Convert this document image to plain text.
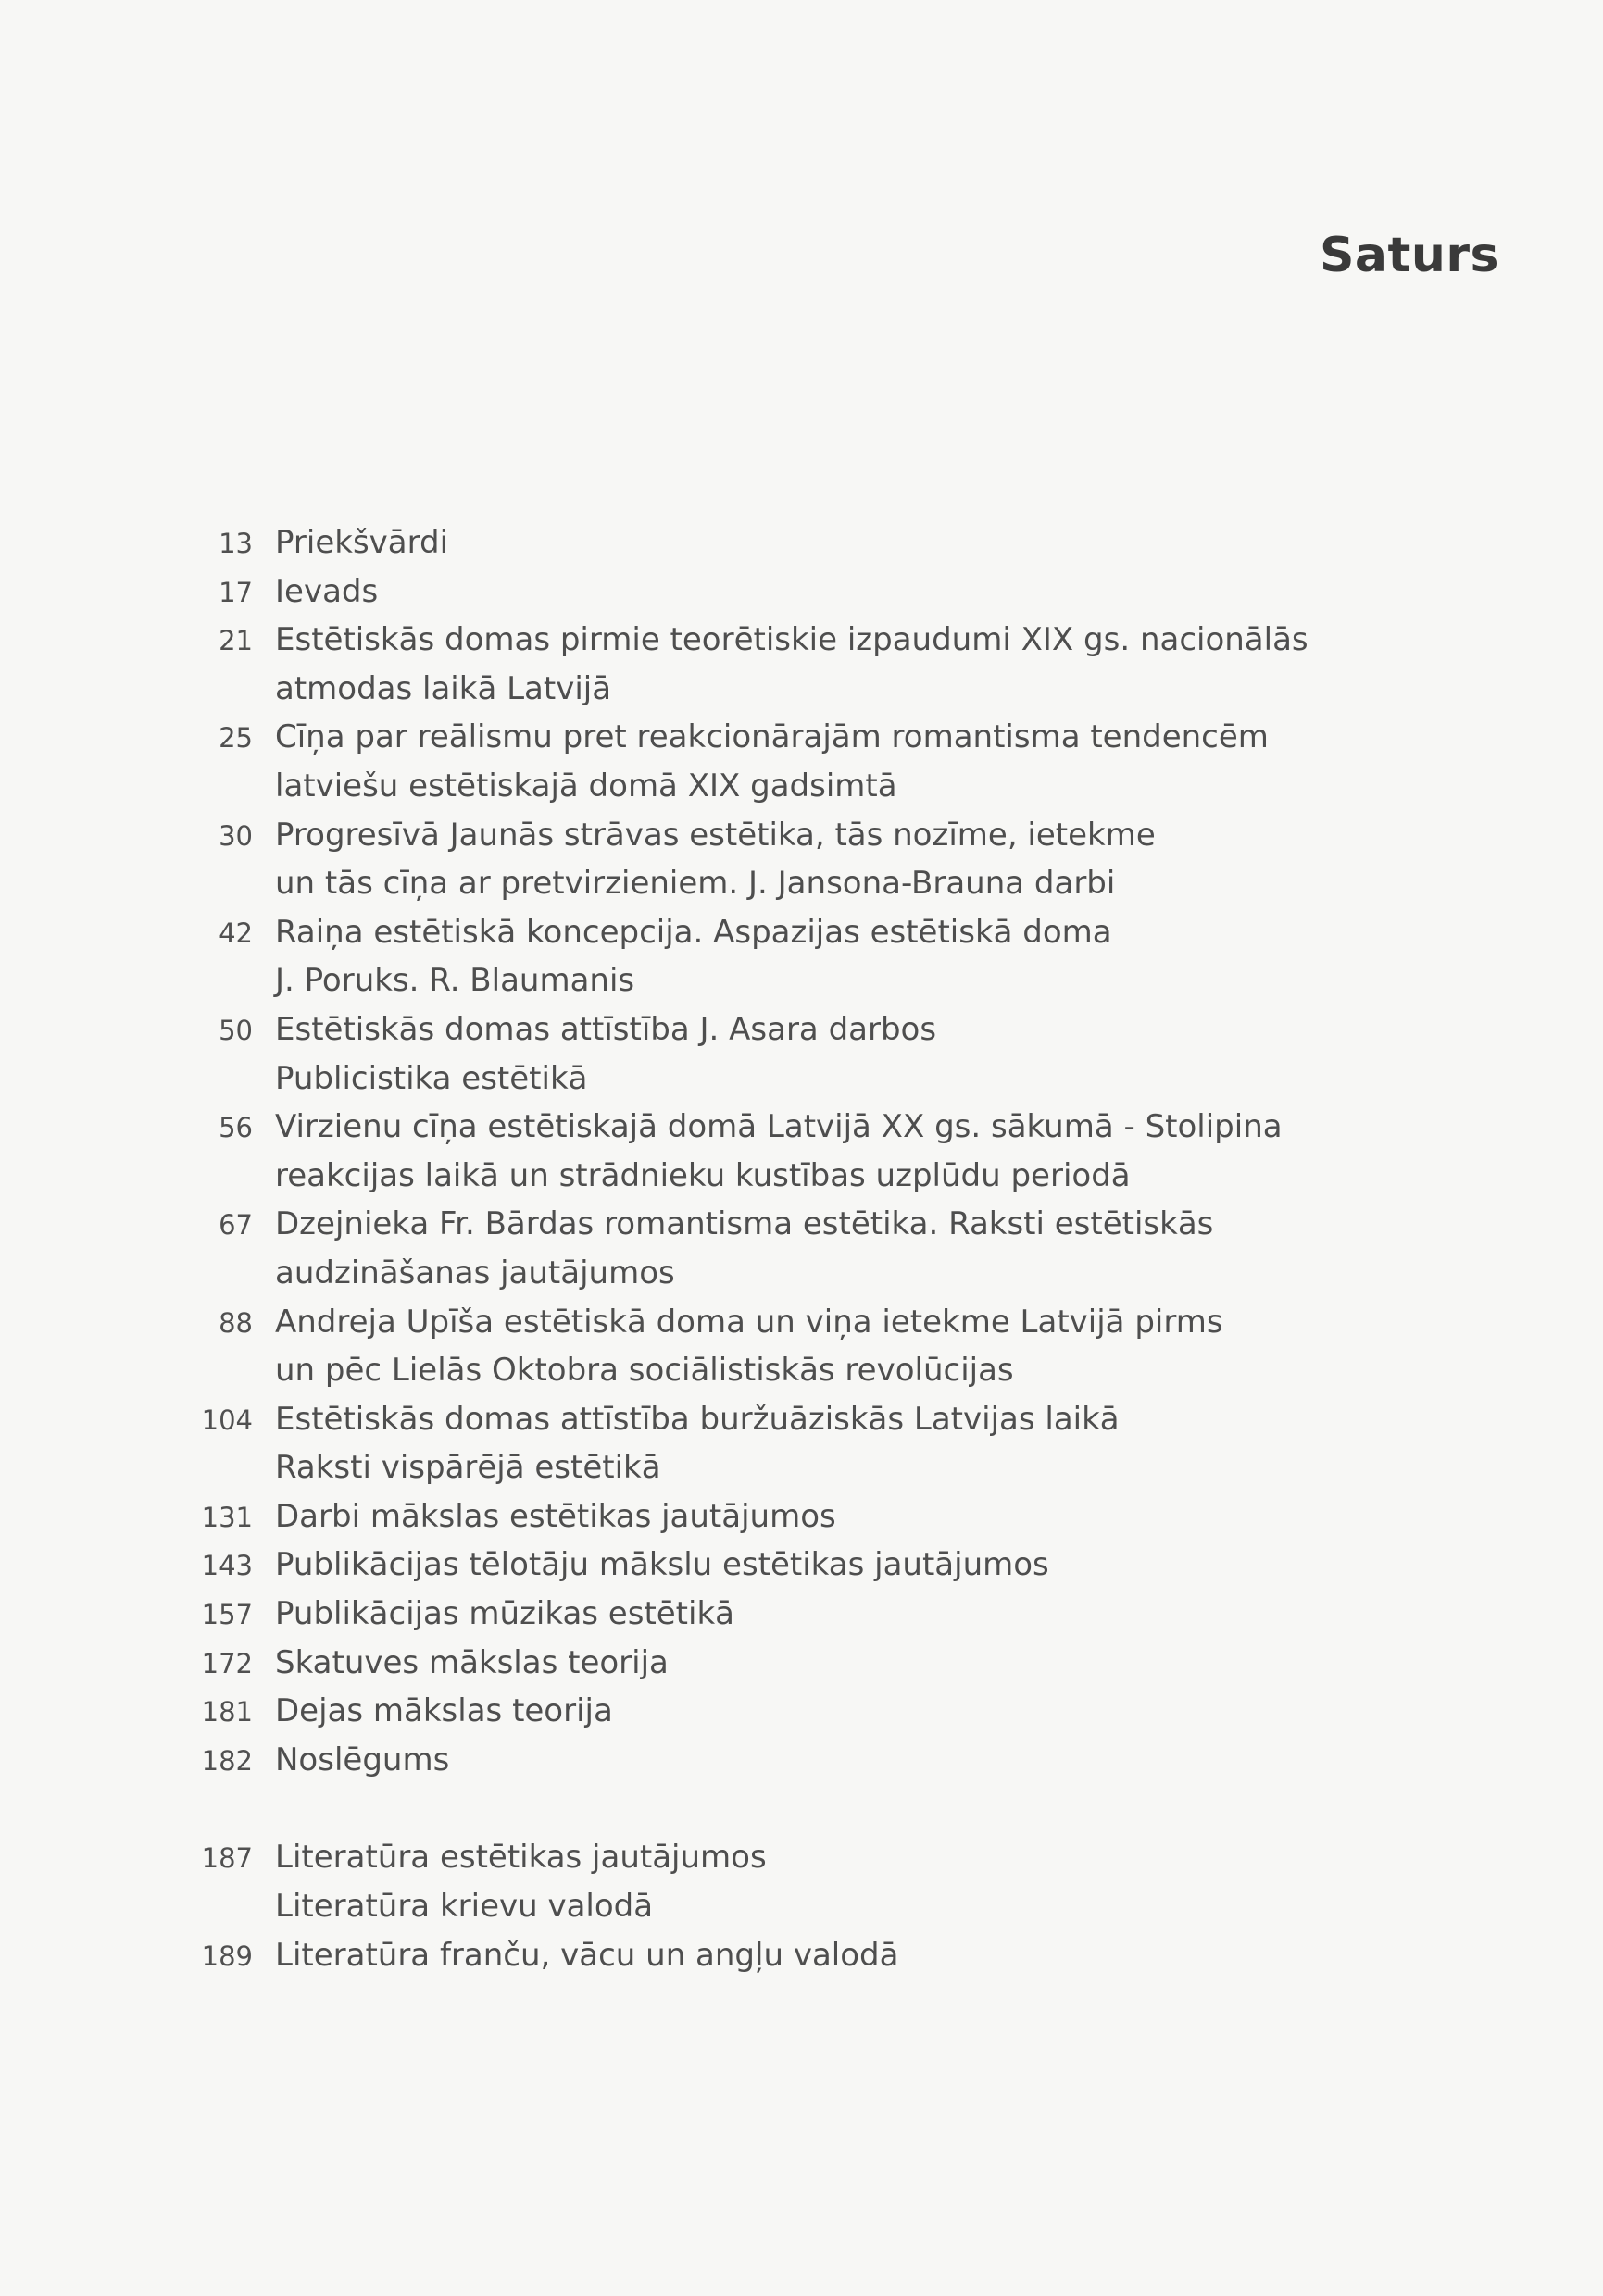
Saturs
13 Priekšvārdi
17 Ievads
21 Estētiskās domas pirmie teorētiskie izpaudumi XIX gs. nacionālās
atmodas laikā Latvijā
25 Cīņa par reālismu pret reakcionārajām romantisma tendencēm
latviešu estētiskajā domā XIX gadsimtā
30 Progresīvā Jaunās strāvas estētika, tās nozīme, ietekme
un tās cīņa ar pretvirzieniem. J. Jansona-Brauna darbi
42 Raiņa estētiskā koncepcija. Aspazijas estētiskā doma
J. Poruks. R. Blaumanis
50 Estētiskās domas attīstība J. Asara darbos
Publicistika estētikā
56 Virzienu cīņa estētiskajā domā Latvijā XX gs. sākumā - Stolipina
reakcijas laikā un strādnieku kustības uzplūdu periodā
67 Dzejnieka Fr. Bārdas romantisma estētika. Raksti estētiskās
audzināšanas jautājumos
88 Andreja Upīša estētiskā doma un viņa ietekme Latvijā pirms
un pēc Lielās Oktobra sociālistiskās revolūcijas
104 Estētiskās domas attīstība buržuāziskās Latvijas laikā
Raksti vispārējā estētikā
131 Darbi mākslas estētikas jautājumos
143 Publikācijas tēlotāju mākslu estētikas jautājumos
157 Publikācijas mūzikas estētikā
172 Skatuves mākslas teorija
181 Dejas mākslas teorija
182 Noslēgums
187 Literatūra estētikas jautājumos
Literatūra krievu valodā
189 Literatūra franču, vācu un angļu valodā
